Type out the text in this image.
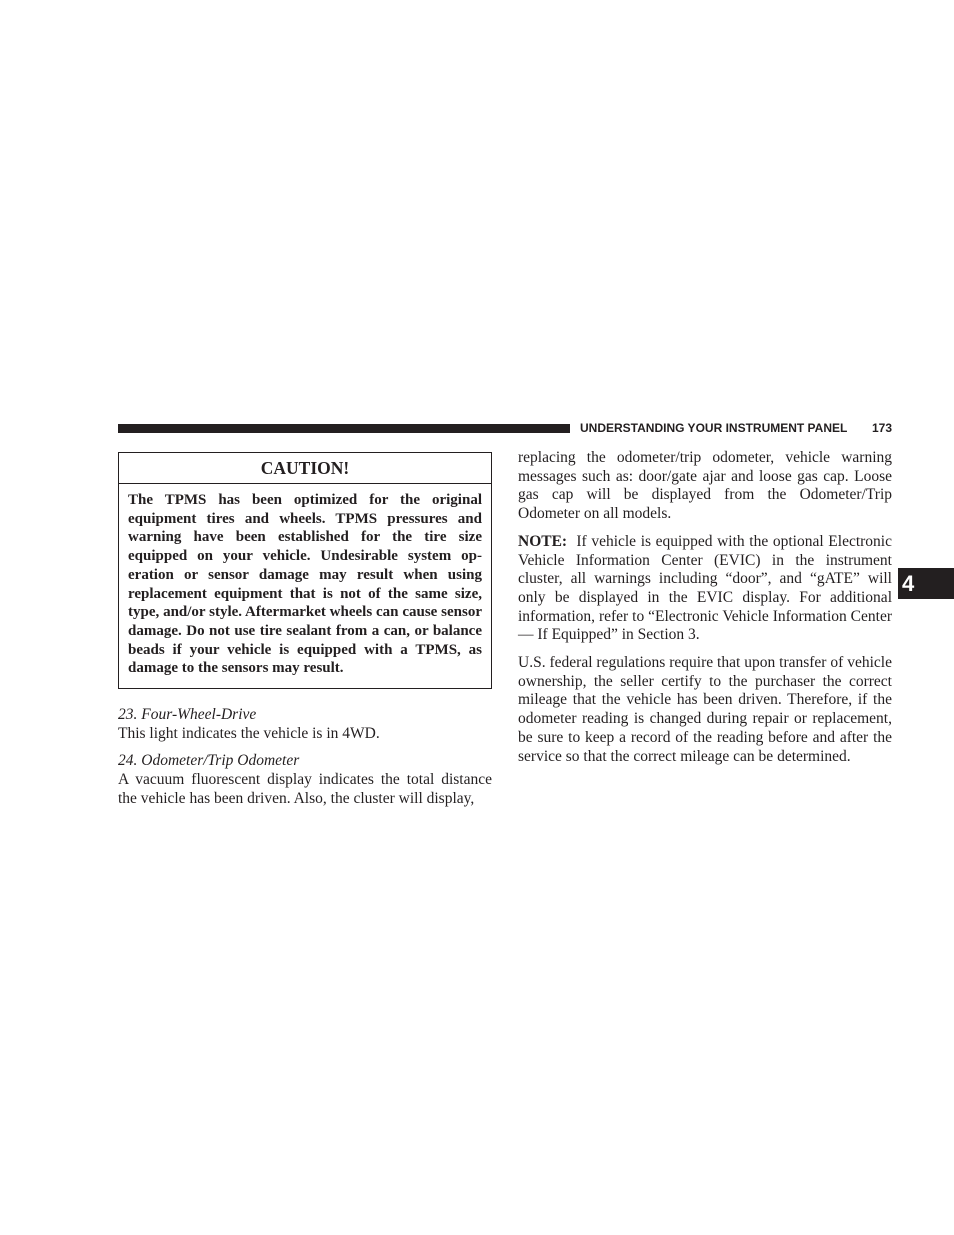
UNDERSTANDING YOUR INSTRUMENT PANEL 173
4
CAUTION!
The TPMS has been optimized for the original equipment tires and wheels. TPMS pressures and warning have been established for the tire size equipped on your vehicle. Undesirable system operation or sensor damage may result when using replacement equipment that is not of the same size, type, and/or style. Aftermarket wheels can cause sensor damage. Do not use tire sealant from a can, or balance beads if your vehicle is equipped with a TPMS, as damage to the sensors may result.

23. Four-Wheel-Drive

This light indicates the vehicle is in 4WD.

24. Odometer/Trip Odometer

A vacuum fluorescent display indicates the total distance the vehicle has been driven. Also, the cluster will display,

replacing the odometer/trip odometer, vehicle warning messages such as: door/gate ajar and loose gas cap. Loose gas cap will be displayed from the Odometer/Trip Odometer on all models.

NOTE: If vehicle is equipped with the optional Electronic Vehicle Information Center (EVIC) in the instrument cluster, all warnings including “door”, and “gATE” will only be displayed in the EVIC display. For additional information, refer to “Electronic Vehicle Information Center — If Equipped” in Section 3.

U.S. federal regulations require that upon transfer of vehicle ownership, the seller certify to the purchaser the correct mileage that the vehicle has been driven. Therefore, if the odometer reading is changed during repair or replacement, be sure to keep a record of the reading before and after the service so that the correct mileage can be determined.
